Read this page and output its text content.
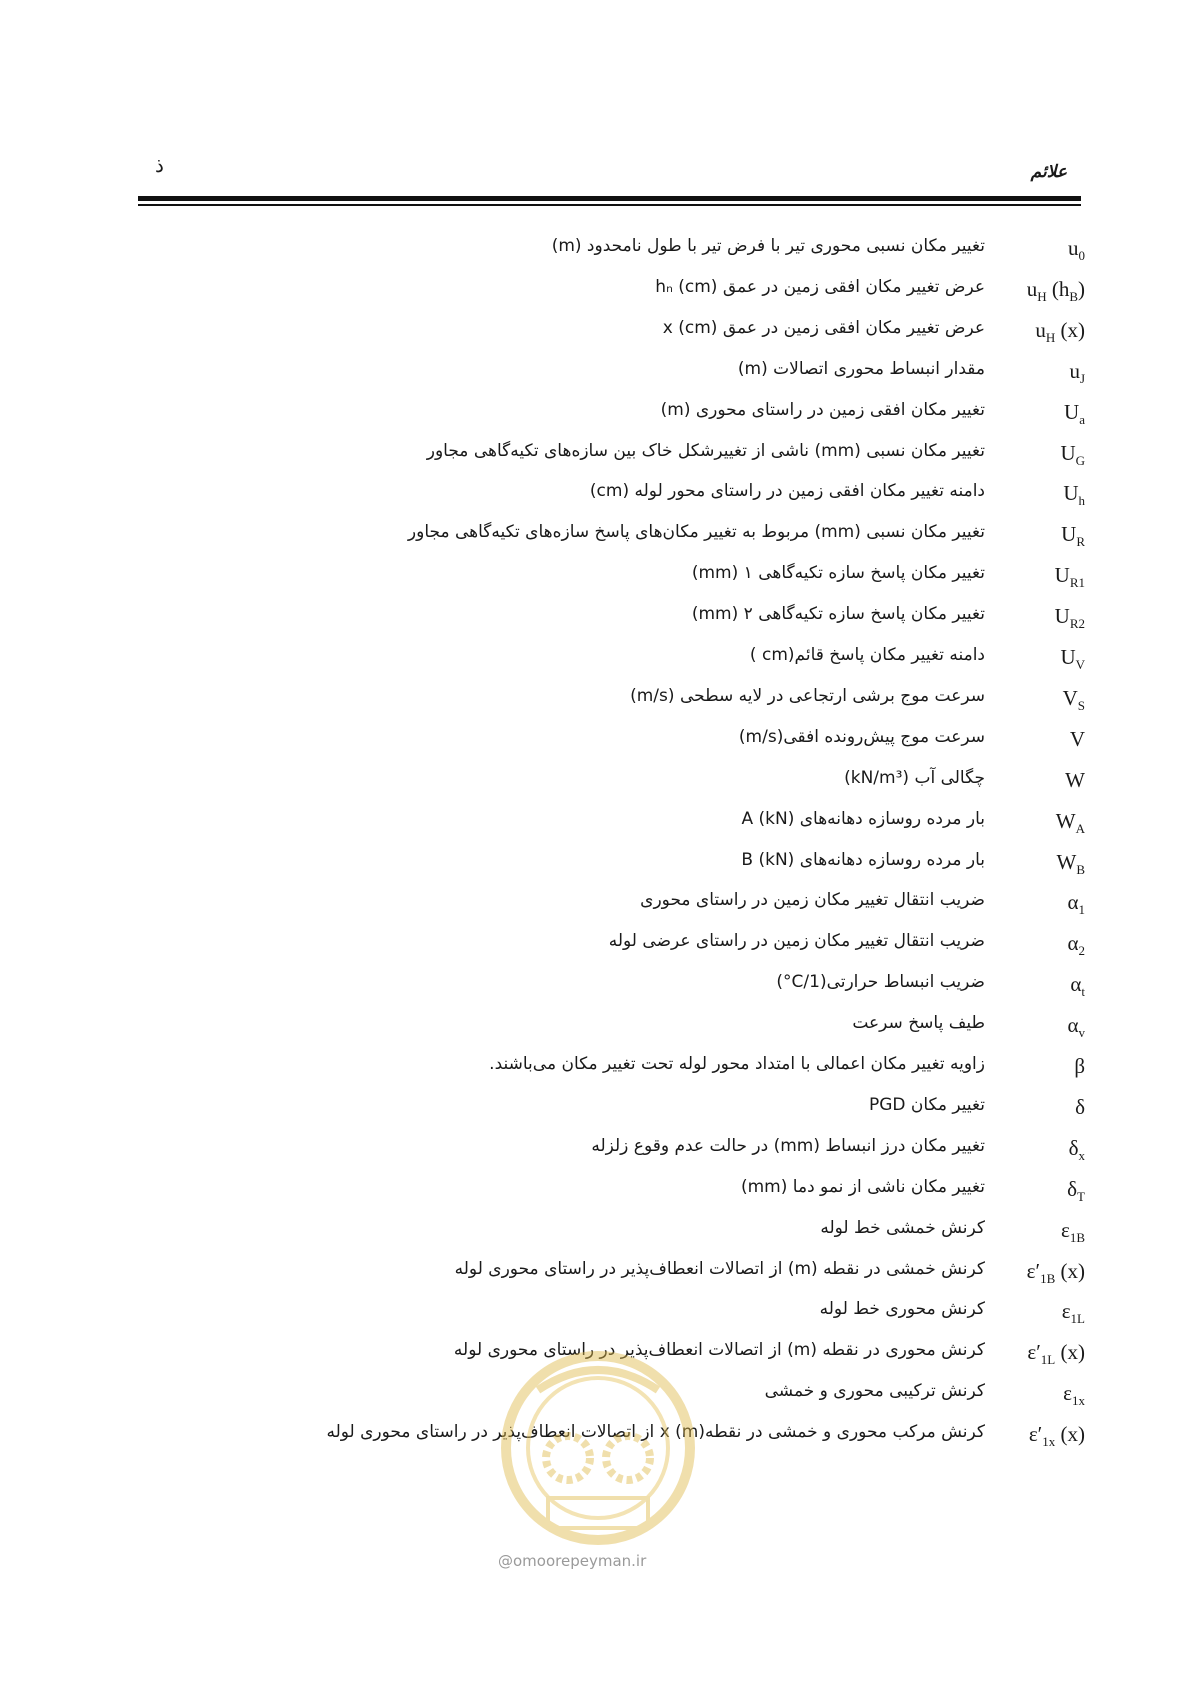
ذ	علائم
$u_0$
تغییر مکان نسبی محوری تیر با فرض تیر با طول نامحدود (m)
$u_H$ $(h_B)$
عرض تغییر مکان افقی زمین در عمق hₙ (cm)
$u_H$ (x)
عرض تغییر مکان افقی زمین در عمق x (cm)
$u_J$
مقدار انبساط محوری اتصالات (m)
$U_a$
تغییر مکان افقی زمین در راستای محوری (m)
$U_G$
تغییر مکان نسبی (mm) ناشی از تغییرشکل خاک بین سازه‌های تکیه‌گاهی مجاور
$U_h$
دامنه تغییر مکان افقی زمین در راستای محور لوله (cm)
$U_R$
تغییر مکان نسبی (mm) مربوط به تغییر مکان‌های پاسخ سازه‌های تکیه‌گاهی مجاور
$U_{R1}$
تغییر مکان پاسخ سازه تکیه‌گاهی ۱ (mm)
$U_{R2}$
تغییر مکان پاسخ سازه تکیه‌گاهی ۲ (mm)
$U_V$
دامنه تغییر مکان پاسخ قائم(cm )
$V_S$
سرعت موج برشی ارتجاعی در لایه سطحی (m/s)
V
سرعت موج پیش‌رونده افقی(m/s)
W
چگالی آب (kN/m³)
$W_A$
بار مرده روسازه دهانه‌های A (kN)
$W_B$
بار مرده روسازه دهانه‌های B (kN)
$\alpha_1$
ضریب انتقال تغییر مکان زمین در راستای محوری
$\alpha_2$
ضریب انتقال تغییر مکان زمین در راستای عرضی لوله
$\alpha_t$
ضریب انبساط حرارتی(1/C°)
$\alpha_v$
طیف پاسخ سرعت
β
زاویه تغییر مکان اعمالی با امتداد محور لوله تحت تغییر مکان می‌باشند.
δ
تغییر مکان PGD
$\delta_x$
تغییر مکان درز انبساط (mm) در حالت عدم وقوع زلزله
$\delta_T$
تغییر مکان ناشی از نمو دما (mm)
$\varepsilon_{1B}$
کرنش خمشی خط لوله
$\varepsilon'_{1B}$ (x)
کرنش خمشی در نقطه (m) از اتصالات انعطاف‌پذیر در راستای محوری لوله
$\varepsilon_{1L}$
کرنش محوری خط لوله
$\varepsilon'_{1L}$ (x)
کرنش محوری در نقطه (m) از اتصالات انعطاف‌پذیر در راستای محوری لوله
$\varepsilon_{1x}$
کرنش ترکیبی محوری و خمشی
$\varepsilon'_{1x}$ (x)
کرنش مرکب محوری و خمشی در نقطه(m) x از اتصالات انعطاف‌پذیر در راستای محوری لوله
@omoorepeyman.ir
